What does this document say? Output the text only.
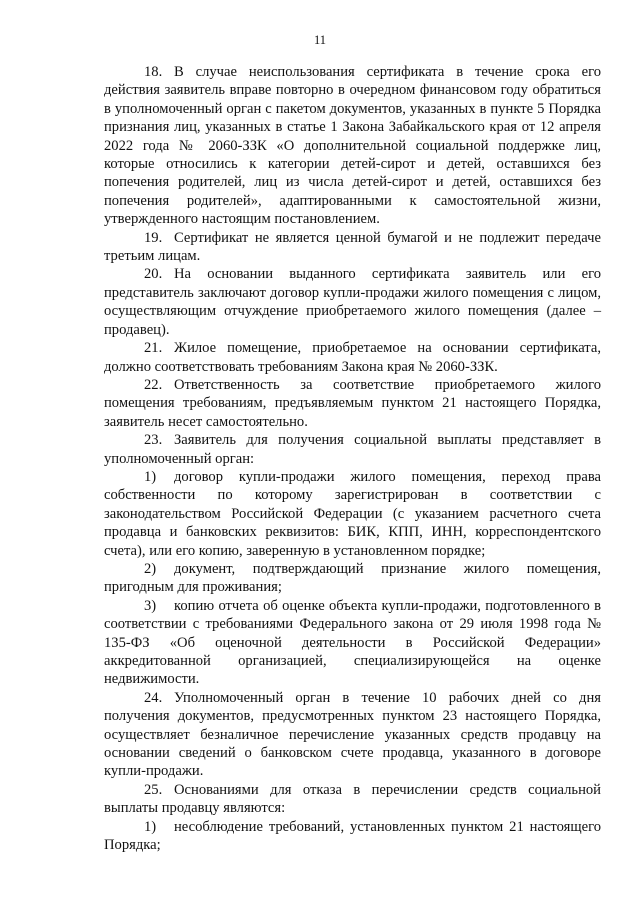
11

18. В случае неиспользования сертификата в течение срока его действия заявитель вправе повторно в очередном финансовом году обратиться в уполномоченный орган с пакетом документов, указанных в пункте 5 Порядка признания лиц, указанных в статье 1 Закона Забайкальского края от 12 апреля 2022 года № 2060-ЗЗК «О дополнительной социальной поддержке лиц, которые относились к категории детей-сирот и детей, оставшихся без попечения родителей, лиц из числа детей-сирот и детей, оставшихся без попечения родителей», адаптированными к самостоятельной жизни, утвержденного настоящим постановлением.

19. Сертификат не является ценной бумагой и не подлежит передаче третьим лицам.

20. На основании выданного сертификата заявитель или его представитель заключают договор купли-продажи жилого помещения с лицом, осуществляющим отчуждение приобретаемого жилого помещения (далее – продавец).

21. Жилое помещение, приобретаемое на основании сертификата, должно соответствовать требованиям Закона края № 2060-ЗЗК.

22. Ответственность за соответствие приобретаемого жилого помещения требованиям, предъявляемым пунктом 21 настоящего Порядка, заявитель несет самостоятельно.

23. Заявитель для получения социальной выплаты представляет в уполномоченный орган:

1) договор купли-продажи жилого помещения, переход права собственности по которому зарегистрирован в соответствии с законодательством Российской Федерации (с указанием расчетного счета продавца и банковских реквизитов: БИК, КПП, ИНН, корреспондентского счета), или его копию, заверенную в установленном порядке;

2) документ, подтверждающий признание жилого помещения, пригодным для проживания;

3) копию отчета об оценке объекта купли-продажи, подготовленного в соответствии с требованиями Федерального закона от 29 июля 1998 года № 135-ФЗ «Об оценочной деятельности в Российской Федерации» аккредитованной организацией, специализирующейся на оценке недвижимости.

24. Уполномоченный орган в течение 10 рабочих дней со дня получения документов, предусмотренных пунктом 23 настоящего Порядка, осуществляет безналичное перечисление указанных средств продавцу на основании сведений о банковском счете продавца, указанного в договоре купли-продажи.

25. Основаниями для отказа в перечислении средств социальной выплаты продавцу являются:

1) несоблюдение требований, установленных пунктом 21 настоящего Порядка;
